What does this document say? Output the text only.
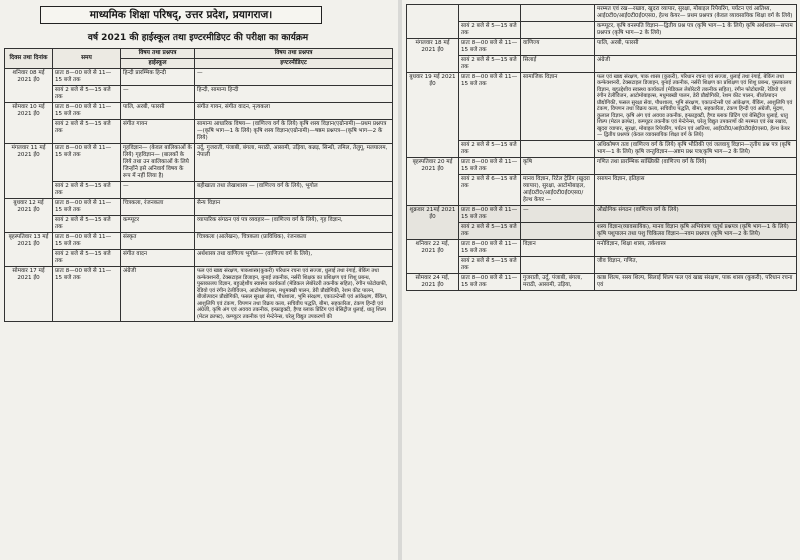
माध्यमिक शिक्षा परिषद्, उत्तर प्रदेश, प्रयागराज।
वर्ष 2021 की हाईस्कूल तथा इण्टरमीडिएट की परीक्षा का कार्यक्रम
दिवस तथा दिनांक	समय	विषय तथा प्रश्नपत्र	विषय तथा प्रश्नपत्र
		हाईस्कूल	इण्टरमीडिएट
शनिवार 08 मई 2021 ई0	प्रातः 8—00 बजे से 11—15 बजे तक	हिन्दी प्रारम्भिक हिन्दी	—
	सायं 2 बजे से 5—15 बजे तक	—	हिन्दी, सामान्य हिन्दी
सोमवार 10 मई 2021 ई0	प्रातः 8—00 बजे से 11—15 बजे तक	पालि, अरबी, फारसी	संगीत गायन, संगीत वादन, नृत्यकला
	सायं 2 बजे से 5—15 बजे तक	संगीत गायन	सामान्य आधारिक विषय— (वाणिज्य वर्ग के लिये) कृषि शस्य विज्ञान(एग्रोनामी)—प्रथम प्रश्नपत्र—(कृषि भाग—1 के लिये) कृषि शस्य विज्ञान(एग्रोनामी)—षष्ठम प्रश्नपत्र—(कृषि भाग—2 के लिये)
मंगलवार 11 मई 2021 ई0	प्रातः 8—00 बजे से 11—15 बजे तक	गृहविज्ञान— (केवल बालिकाओं के लिये) गृहविज्ञान— (बालकों के लिये तथा उन बालिकाओं के लिये जिन्होंने इसे अनिवार्य विषय के रूप में नहीं लिया है)	उर्दू, गुजराती, पंजाबी, बंगला, मराठी, आसामी, उड़िया, कन्नड़, सिन्धी, तमिल, तेलुगू, मलयालम, नेपाली
	सायं 2 बजे से 5—15 बजे तक	—	बहीखाता तथा लेखाशास्त्र — (वाणिज्य वर्ग के लिये), भूगोल
बुधवार 12 मई 2021 ई0	प्रातः 8—00 बजे से 11—15 बजे तक	चित्रकला, रंजनकला	सैन्य विज्ञान
	सायं 2 बजे से 5—15 बजे तक	कम्प्यूटर	व्यापारिक संगठन एवं पत्र व्यवहार— (वाणिज्य वर्ग के लिये), गृह विज्ञान,
बृहस्पतिवार 13 मई 2021 ई0	प्रातः 8—00 बजे से 11—15 बजे तक	संस्कृत	चित्रकला (आलेखन), चित्रकला (प्राविधिक), रंजनकला
	सायं 2 बजे से 5—15 बजे तक	संगीत वादन	अर्थशास्त्र तथा वाणिज्य भूगोल— (वाणिज्य वर्ग के लिये),
सोमवार 17 मई 2021 ई0	प्रातः 8—00 बजे से 11—15 बजे तक	अंग्रेजी	फल एवं खाद्य संरक्षण, पाकशास्त्र(कुकरी) परिधान रचना एवं सज्जा, धुलाई तथा रंगाई, बेकिंग तथा कन्फेक्शनरी, टेक्सटाइल डिजाइन, बुनाई तकनीक, नर्सरी शिक्षक का प्रशिक्षण एवं शिशु प्रबन्ध, पुस्तकालय विज्ञान, बहुउद्देशीय स्वास्थ्य कार्यकर्ता (मेडिकल लेबोरेटरी तकनीक सहित), रंगीन फोटोग्राफी, रेडियो एवं रंगीन टेलीविजन, आटोमोबाइल्स, मधुमक्खी पालन, डेरी प्रौद्योगिकी, रेशम कीट पालन, बीजोत्पादन प्रौद्योगिकी, फसल सुरक्षा सेवा, पौधशाला, भूमि संरक्षण, एकाउन्टेन्सी एवं आंकेक्षण, बैंकिंग, आशुलिपि एवं टंकण, विपणन तथा विक्रय कला, सचिवीय पद्धति, बीमा, सहकारिता, टंकण हिन्दी एवं अंग्रेजी, कृषि अंग एवं अवयव तकनीक, इन्फ्राड्रक्टी, हैण्ड ब्लाक प्रिंटिंग एवं बेसिट्रीज धुलाई, धातु शिल्प (मेटल क्राफ्ट), कम्प्यूटर तकनीक एवं मेन्टेनेन्स, घरेलू विद्युत उपकरणों की
			मरम्मत एवं रख—रखाव, खुदरा व्यापार, सुरक्षा, मोबाइल रिपेयरिंग, पर्यटन एवं आतिथ्य, आई0टी0/आई0टी0ई0एस0, हेल्थ केयर— प्रथम प्रश्नपत्र (केवल व्यावसायिक शिक्षा वर्ग के लिये)
	सायं 2 बजे से 5—15 बजे तक		कम्प्यूटर, कृषि वनस्पति विज्ञान—द्वितीय प्रश्न पत्र (कृषि भाग—1 के लिये) कृषि अर्थशास्त्र—सप्तम प्रश्नपत्र (कृषि भाग—2 के लिये)
मंगलवार 18 मई 2021 ई0	प्रातः 8—00 बजे से 11—15 बजे तक	वाणिज्य	पालि, अरबी, फारसी
	सायं 2 बजे से 5—15 बजे तक	सिलाई	अंग्रेजी
बुधवार 19 मई 2021 ई0	प्रातः 8—00 बजे से 11—15 बजे तक	सामाजिक विज्ञान	फल एवं खाद्य संरक्षण, पाक शास्त्र (कुकरी), परिधान रचना एवं सज्जा, धुलाई तथा रंगाई, बेकिंग तथा कन्फेक्शनरी, टेक्सटाइल डिजाइन, बुनाई तकनीक, नर्सरी शिक्षण का प्रशिक्षण एवं शिशु प्रबन्ध, पुस्तकालय विज्ञान, बहुउद्देशीय स्वास्थ्य कार्यकर्ता (मेडिकल लेबोरेटरी तकनीक सहित), रंगीन फोटोग्राफी, रेडियो एवं रंगीन टेलीविजन, आटोमोबाइल्स, मधुमक्खी पालन, डेरी प्रौद्योगिकी, रेशम कीट पालन, बीजोत्पादन प्रौद्योगिकी, फसल सुरक्षा सेवा, पौधशाला, भूमि संरक्षण, एकाउन्टेन्सी एवं आंकेक्षण, बैंकिंग, आशुलिपि एवं टंकण, विपणन तथा विक्रय कला, सचिवीय पद्धति, बीमा, सहकारिता, टंकण हिन्दी एवं अंग्रेजी, मुद्रण, कुलाल विज्ञान, कृषि अंग एवं अवयव तकनीक, इन्फ्राड्रक्टी, हैण्ड ब्लाक प्रिंटिंग एवं बेसिट्रीज धुलाई, धातु शिल्प (मेटल क्राफ्ट), कम्प्यूटर तकनीक एवं मेन्टेनेन्स, घरेलू विद्युत उपकरणों की मरम्मत एवं रख रखाव, खुदरा व्यापार, सुरक्षा, मोबाइल रिपेयरिंग, पर्यटन एवं आतिथ्य, आई0टी0/आई0टी0ई0एस0, हेल्थ केयर— द्वितीय प्रश्नपत्र (केवल व्यावसायिक शिक्षा वर्ग के लिये)
	सायं 2 बजे से 5—15 बजे तक		अधिकोषण तत्व (वाणिज्य वर्ग के लिये) कृषि भौतिकी एवं जलवायु विज्ञान—तृतीय प्रश्न पत्र (कृषि भाग—1 के लिये) कृषि जन्तुविज्ञान—अष्टम प्रश्न पत्र(कृषि भाग—2 के लिये)
बृहस्पतिवार 20 मई 2021 ई0	प्रातः 8—00 बजे से 11—15 बजे तक	कृषि	गणित तथा प्रारम्भिक सांख्यिकी (वाणिज्य वर्ग के लिये)
	सायं 2 बजे से 6—15 बजे तक	मानव विज्ञान, रिटेल ट्रेडिंग (खुदरा व्यापार), सुरक्षा, आटोमोबाइल, आई0टी0/आई0टी0ई0एस0/हेल्थ केयर —	रसायन विज्ञान, इतिहास
शुक्रवार 21मई 2021 ई0	प्रातः 8—00 बजे से 11—15 बजे तक	—	औद्योगिक संगठन (वाणिज्य वर्ग के लिये)
	सायं 2 बजे से 5—15 बजे तक		शस्य विज्ञान(व्यावसायिक), मानव विज्ञान कृषि अभियंत्रण चतुर्थ प्रश्नपत्र (कृषि भाग—1 के लिये) कृषि पशुपालन तथा पशु चिकित्सा विज्ञान—नवम प्रश्नपत्र (कृषि भाग—2 के लिये)
शनिवार 22 मई, 2021 ई0	प्रातः 8—00 बजे से 11—15 बजे तक	विज्ञान	मनोविज्ञान, शिक्षा शास्त्र, तर्कशास्त्र
	सायं 2 बजे से 5—15 बजे तक		जीव विज्ञान, गणित,
सोमवार 24 मई, 2021 ई0	प्रातः 8—00 बजे से 11—15 बजे तक	गुजराती, उर्दू, पंजाबी, बंगला, मराठी, आसामी, उड़िया,	काष्ठ शिल्प, सस्य शिल्प, सिलाई शिल्प फल एवं खाद्य संरक्षण, पाक शास्त्र (कुकरी), परिधान रचना एवं
